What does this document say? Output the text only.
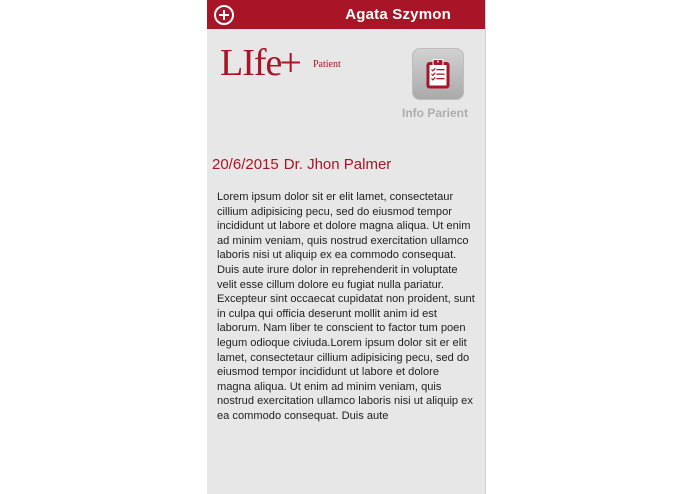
Agata Szymon
LIfe+ Patient
Info Parient
20/6/2015 Dr. Jhon Palmer
Lorem ipsum dolor sit er elit lamet, consectetaur cillium adipisicing pecu, sed do eiusmod tempor incididunt ut labore et dolore magna aliqua. Ut enim ad minim veniam, quis nostrud exercitation ullamco laboris nisi ut aliquip ex ea commodo consequat. Duis aute irure dolor in reprehenderit in voluptate velit esse cillum dolore eu fugiat nulla pariatur. Excepteur sint occaecat cupidatat non proident, sunt in culpa qui officia deserunt mollit anim id est laborum. Nam liber te conscient to factor tum poen legum odioque civiuda.Lorem ipsum dolor sit er elit lamet, consectetaur cillium adipisicing pecu, sed do eiusmod tempor incididunt ut labore et dolore magna aliqua. Ut enim ad minim veniam, quis nostrud exercitation ullamco laboris nisi ut aliquip ex ea commodo consequat. Duis aute
